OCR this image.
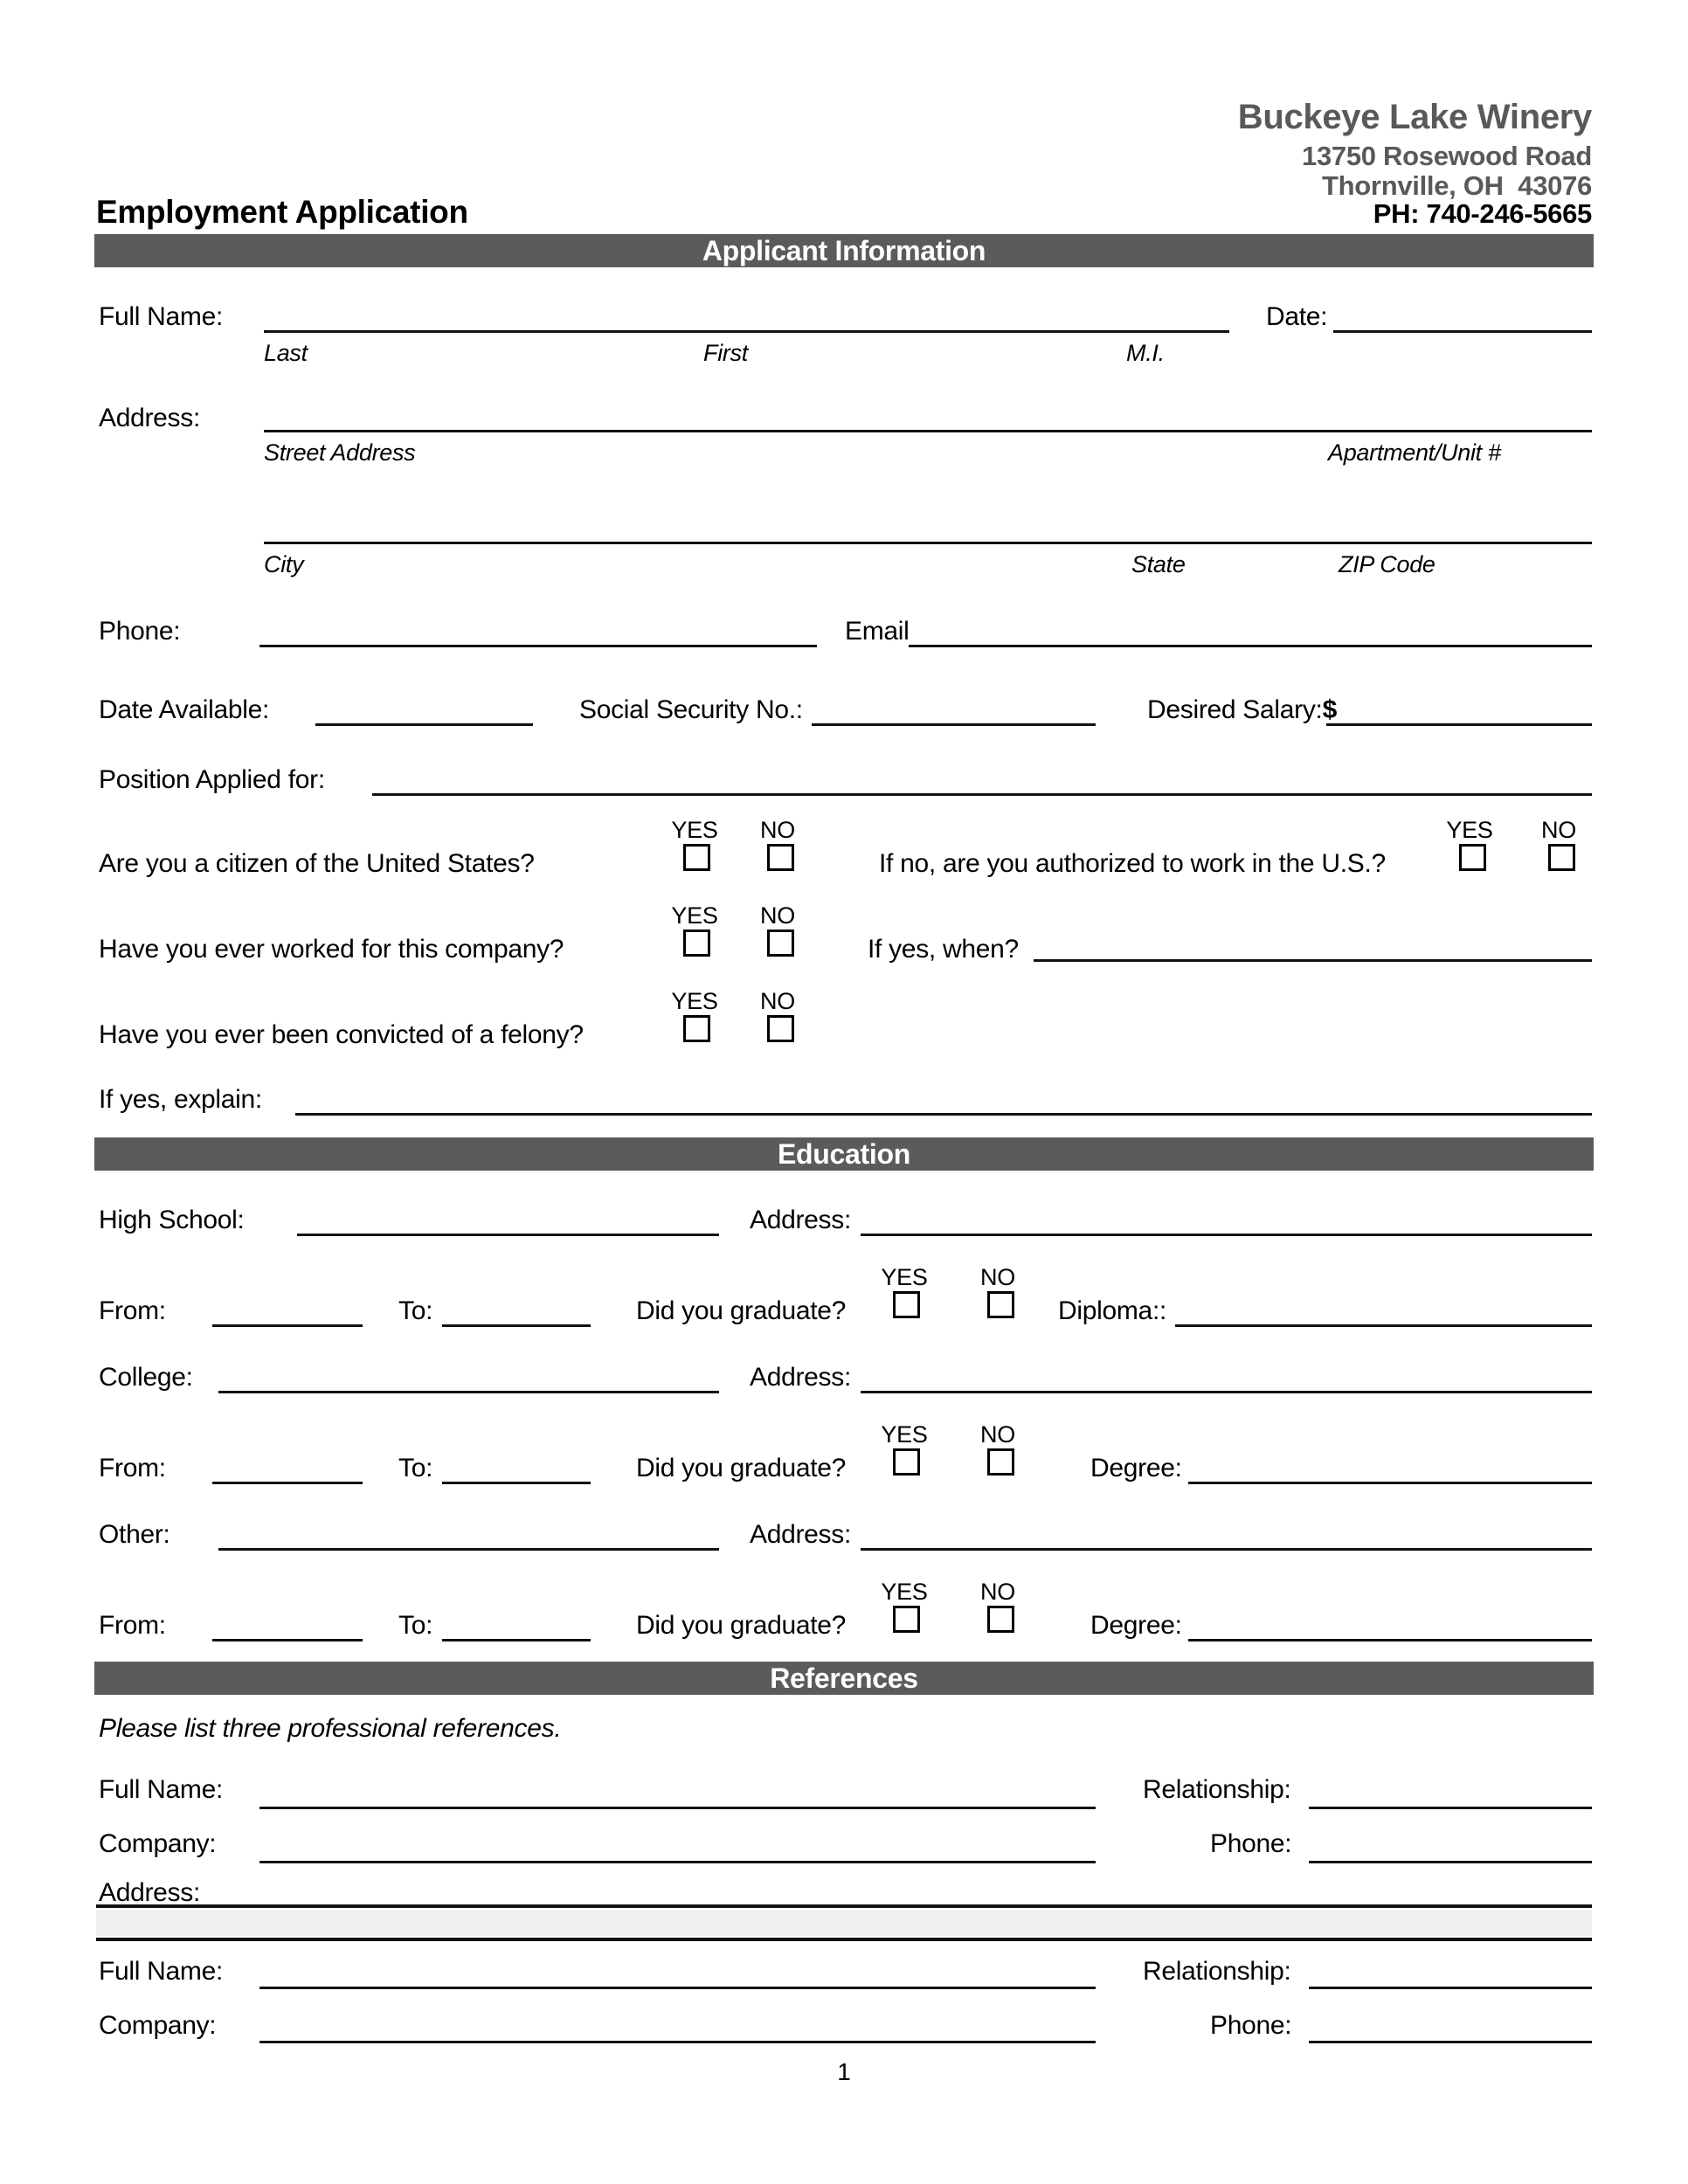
Buckeye Lake Winery
13750 Rosewood Road
Thornville, OH  43076
Employment Application	PH: 740-246-5665
Applicant Information
Full Name:	Date:
Last	First	M.I.
Address:
Street Address	Apartment/Unit #
City	State	ZIP Code
Phone:	Email
Date Available:	Social Security No.:	Desired Salary:$
Position Applied for:
YES	NO	YES	NO
Are you a citizen of the United States?	If no, are you authorized to work in the U.S.?
YES	NO
Have you ever worked for this company?	If yes, when?
YES	NO
Have you ever been convicted of a felony?
If yes, explain:
Education
High School:	Address:
YES	NO
From:	To:	Did you graduate?	Diploma::
College:	Address:
YES	NO
From:	To:	Did you graduate?	Degree:
Other:	Address:
YES	NO
From:	To:	Did you graduate?	Degree:
References
Please list three professional references.
Full Name:	Relationship:
Company:	Phone:
Address:
Full Name:	Relationship:
Company:	Phone:
1
